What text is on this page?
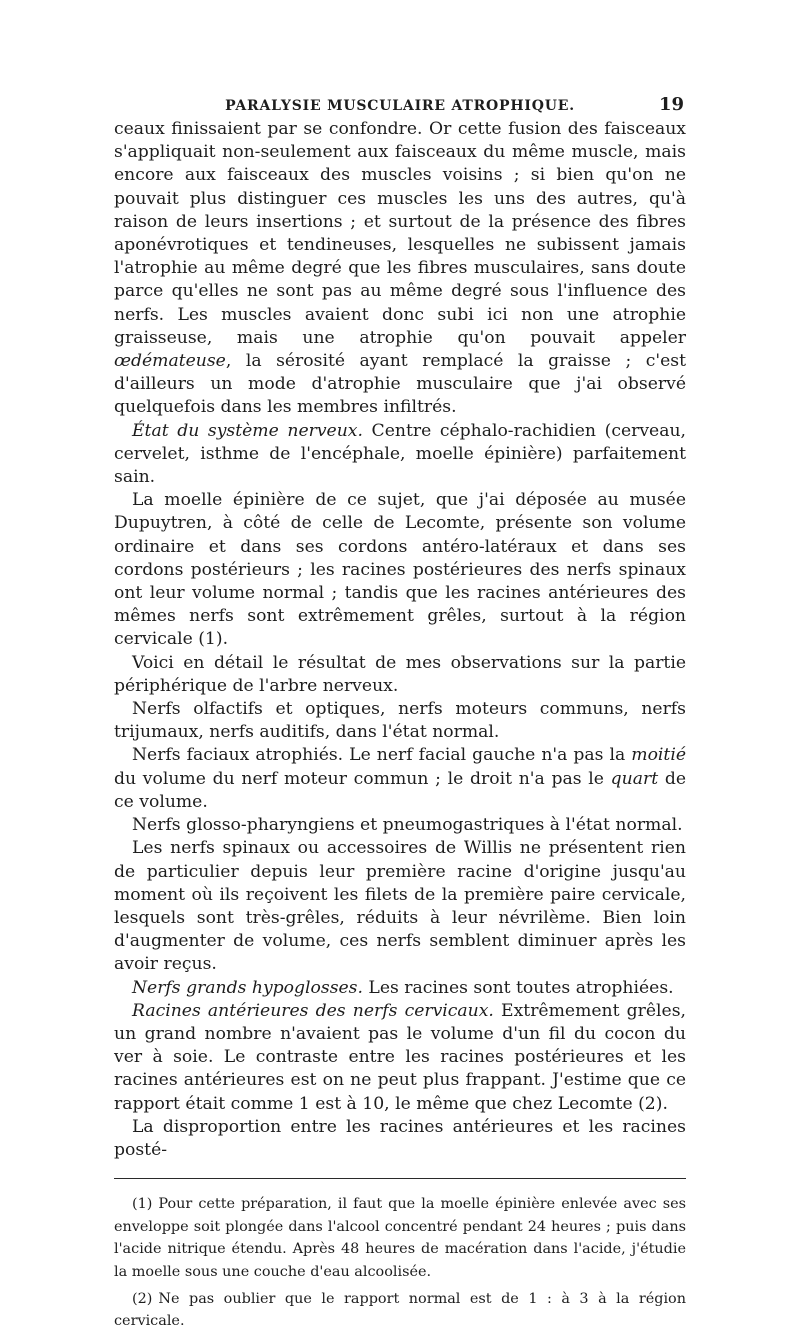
PARALYSIE MUSCULAIRE ATROPHIQUE.	19

ceaux finissaient par se confondre. Or cette fusion des faisceaux s'appliquait non-seulement aux faisceaux du même muscle, mais encore aux faisceaux des muscles voisins ; si bien qu'on ne pouvait plus distinguer ces muscles les uns des autres, qu'à raison de leurs insertions ; et surtout de la présence des fibres aponévrotiques et tendineuses, lesquelles ne subissent jamais l'atrophie au même degré que les fibres musculaires, sans doute parce qu'elles ne sont pas au même degré sous l'influence des nerfs. Les muscles avaient donc subi ici non une atrophie graisseuse, mais une atrophie qu'on pouvait appeler œdémateuse, la sérosité ayant remplacé la graisse ; c'est d'ailleurs un mode d'atrophie musculaire que j'ai observé quelquefois dans les membres infiltrés.

État du système nerveux. Centre céphalo-rachidien (cerveau, cervelet, isthme de l'encéphale, moelle épinière) parfaitement sain.

La moelle épinière de ce sujet, que j'ai déposée au musée Dupuytren, à côté de celle de Lecomte, présente son volume ordinaire et dans ses cordons antéro-latéraux et dans ses cordons postérieurs ; les racines postérieures des nerfs spinaux ont leur volume normal ; tandis que les racines antérieures des mêmes nerfs sont extrêmement grêles, surtout à la région cervicale (1).

Voici en détail le résultat de mes observations sur la partie périphérique de l'arbre nerveux.

Nerfs olfactifs et optiques, nerfs moteurs communs, nerfs trijumaux, nerfs auditifs, dans l'état normal.

Nerfs faciaux atrophiés. Le nerf facial gauche n'a pas la moitié du volume du nerf moteur commun ; le droit n'a pas le quart de ce volume.

Nerfs glosso-pharyngiens et pneumogastriques à l'état normal.

Les nerfs spinaux ou accessoires de Willis ne présentent rien de particulier depuis leur première racine d'origine jusqu'au moment où ils reçoivent les filets de la première paire cervicale, lesquels sont très-grêles, réduits à leur névrilème. Bien loin d'augmenter de volume, ces nerfs semblent diminuer après les avoir reçus.

Nerfs grands hypoglosses. Les racines sont toutes atrophiées.

Racines antérieures des nerfs cervicaux. Extrêmement grêles, un grand nombre n'avaient pas le volume d'un fil du cocon du ver à soie. Le contraste entre les racines postérieures et les racines antérieures est on ne peut plus frappant. J'estime que ce rapport était comme 1 est à 10, le même que chez Lecomte (2).

La disproportion entre les racines antérieures et les racines posté-

(1) Pour cette préparation, il faut que la moelle épinière enlevée avec ses enveloppe soit plongée dans l'alcool concentré pendant 24 heures ; puis dans l'acide nitrique étendu. Après 48 heures de macération dans l'acide, j'étudie la moelle sous une couche d'eau alcoolisée.

(2) Ne pas oublier que le rapport normal est de 1 : à 3 à la région cervicale.
